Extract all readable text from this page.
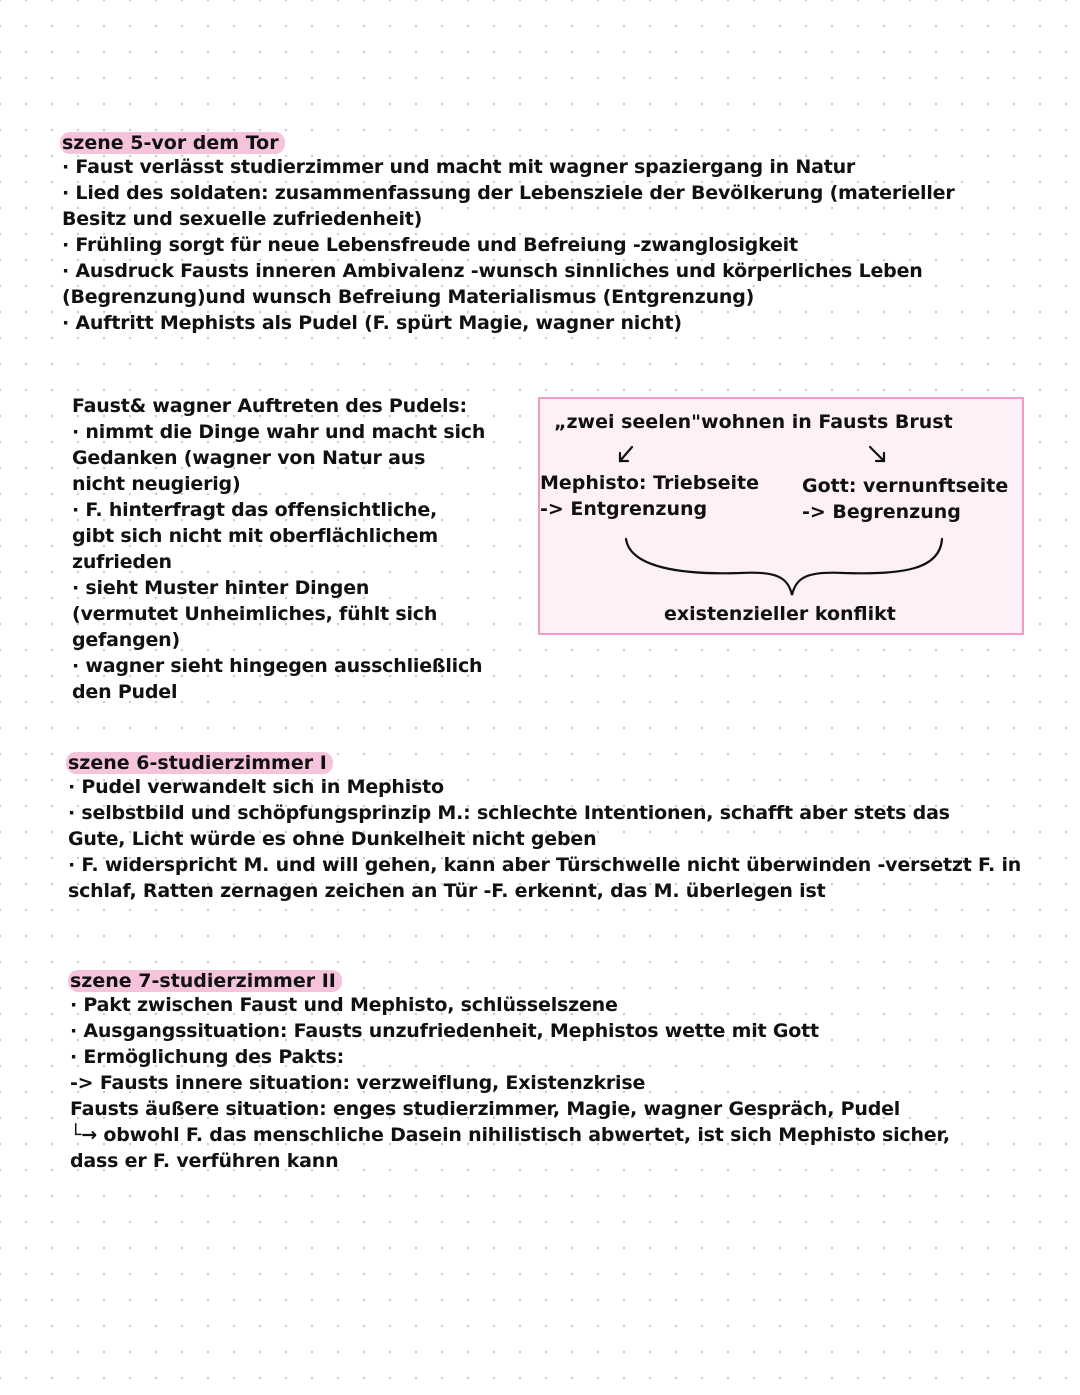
szene 5-vor dem Tor
· Faust verlässt studierzimmer und macht mit wagner spaziergang in Natur
· Lied des soldaten: zusammenfassung der Lebensziele der Bevölkerung (materieller
Besitz und sexuelle zufriedenheit)
· Frühling sorgt für neue Lebensfreude und Befreiung -zwanglosigkeit
· Ausdruck Fausts inneren Ambivalenz -wunsch sinnliches und körperliches Leben
(Begrenzung)und wunsch Befreiung Materialismus (Entgrenzung)
· Auftritt Mephists als Pudel (F. spürt Magie, wagner nicht)
Faust& wagner Auftreten des Pudels:
· nimmt die Dinge wahr und macht sich
Gedanken (wagner von Natur aus
nicht neugierig)
· F. hinterfragt das offensichtliche,
gibt sich nicht mit oberflächlichem
zufrieden
· sieht Muster hinter Dingen
(vermutet Unheimliches, fühlt sich
gefangen)
· wagner sieht hingegen ausschließlich
den Pudel
„zwei seelen"wohnen in Fausts Brust
Mephisto: Triebseite
-> Entgrenzung
Gott: vernunftseite
-> Begrenzung
existenzieller konflikt
szene 6-studierzimmer I
· Pudel verwandelt sich in Mephisto
· selbstbild und schöpfungsprinzip M.: schlechte Intentionen, schafft aber stets das
Gute, Licht würde es ohne Dunkelheit nicht geben
· F. widerspricht M. und will gehen, kann aber Türschwelle nicht überwinden -versetzt F. in
schlaf, Ratten zernagen zeichen an Tür -F. erkennt, das M. überlegen ist
szene 7-studierzimmer II
· Pakt zwischen Faust und Mephisto, schlüsselszene
· Ausgangssituation: Fausts unzufriedenheit, Mephistos wette mit Gott
· Ermöglichung des Pakts:
-> Fausts innere situation: verzweiflung, Existenzkrise
Fausts äußere situation: enges studierzimmer, Magie, wagner Gespräch, Pudel
└→ obwohl F. das menschliche Dasein nihilistisch abwertet, ist sich Mephisto sicher,
dass er F. verführen kann
